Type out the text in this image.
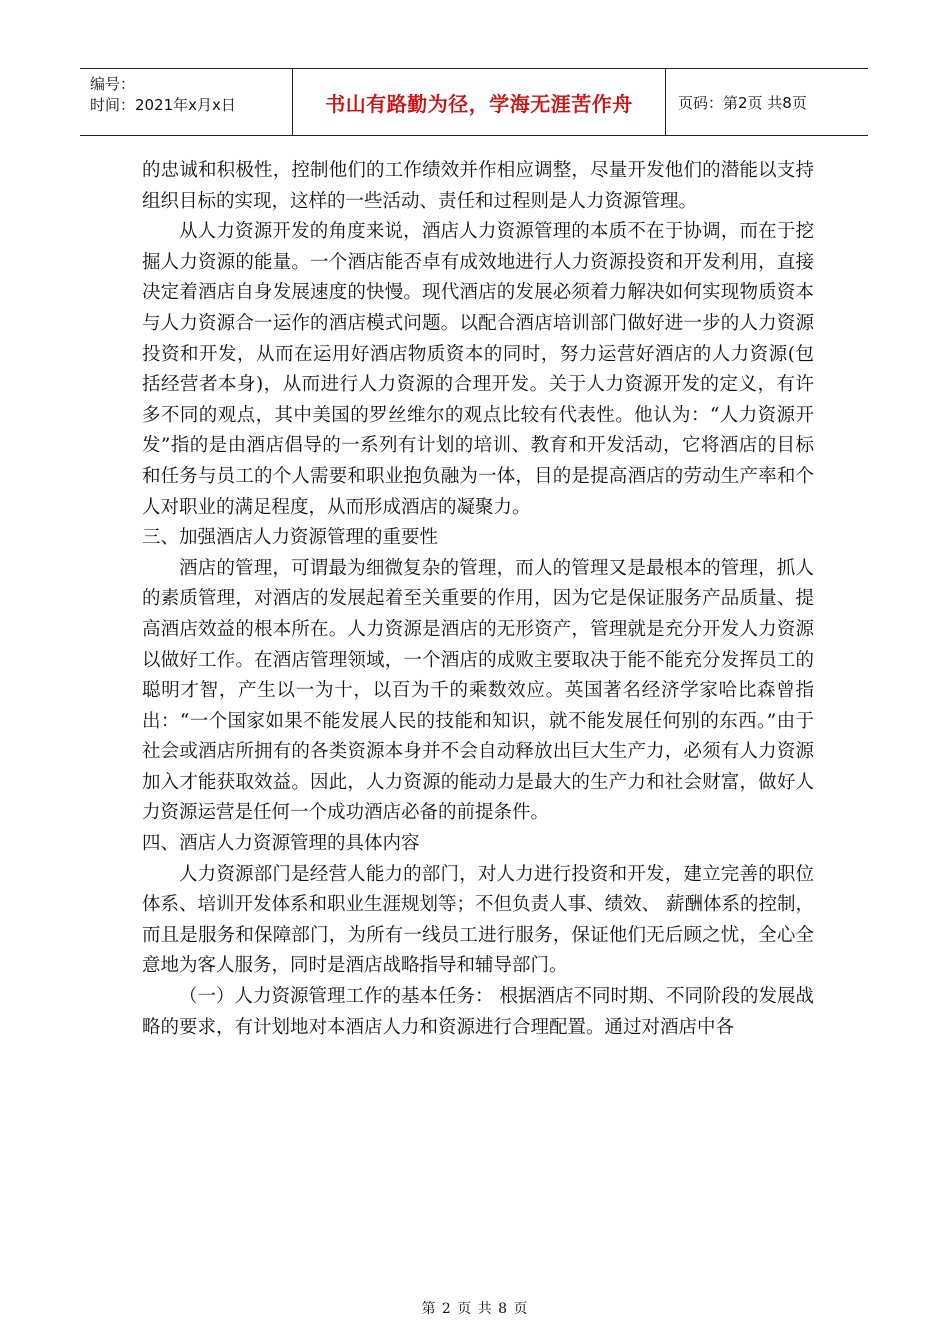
编号：
时间：2021年x月x日	书山有路勤为径，学海无涯苦作舟	页码：第2页 共8页

的忠诚和积极性，控制他们的工作绩效并作相应调整，尽量开发他们的潜能以支持组织目标的实现，这样的一些活动、责任和过程则是人力资源管理。

从人力资源开发的角度来说，酒店人力资源管理的本质不在于协调，而在于挖掘人力资源的能量。一个酒店能否卓有成效地进行人力资源投资和开发利用，直接决定着酒店自身发展速度的快慢。现代酒店的发展必须着力解决如何实现物质资本与人力资源合一运作的酒店模式问题。以配合酒店培训部门做好进一步的人力资源投资和开发，从而在运用好酒店物质资本的同时，努力运营好酒店的人力资源(包括经营者本身)，从而进行人力资源的合理开发。关于人力资源开发的定义，有许多不同的观点，其中美国的罗丝维尔的观点比较有代表性。他认为：“人力资源开发”指的是由酒店倡导的一系列有计划的培训、教育和开发活动，它将酒店的目标和任务与员工的个人需要和职业抱负融为一体，目的是提高酒店的劳动生产率和个人对职业的满足程度，从而形成酒店的凝聚力。

三、加强酒店人力资源管理的重要性

酒店的管理，可谓最为细微复杂的管理，而人的管理又是最根本的管理，抓人的素质管理，对酒店的发展起着至关重要的作用，因为它是保证服务产品质量、提高酒店效益的根本所在。人力资源是酒店的无形资产，管理就是充分开发人力资源以做好工作。在酒店管理领域，一个酒店的成败主要取决于能不能充分发挥员工的聪明才智，产生以一为十，以百为千的乘数效应。英国著名经济学家哈比森曾指出：“一个国家如果不能发展人民的技能和知识，就不能发展任何别的东西。”由于社会或酒店所拥有的各类资源本身并不会自动释放出巨大生产力，必须有人力资源加入才能获取效益。因此，人力资源的能动力是最大的生产力和社会财富，做好人力资源运营是任何一个成功酒店必备的前提条件。

四、酒店人力资源管理的具体内容

人力资源部门是经营人能力的部门，对人力进行投资和开发，建立完善的职位体系、培训开发体系和职业生涯规划等；不但负责人事、绩效、 薪酬体系的控制，而且是服务和保障部门，为所有一线员工进行服务，保证他们无后顾之忧，全心全意地为客人服务，同时是酒店战略指导和辅导部门。

（一）人力资源管理工作的基本任务： 根据酒店不同时期、不同阶段的发展战略的要求，有计划地对本酒店人力和资源进行合理配置。通过对酒店中各

第 2 页 共 8 页
